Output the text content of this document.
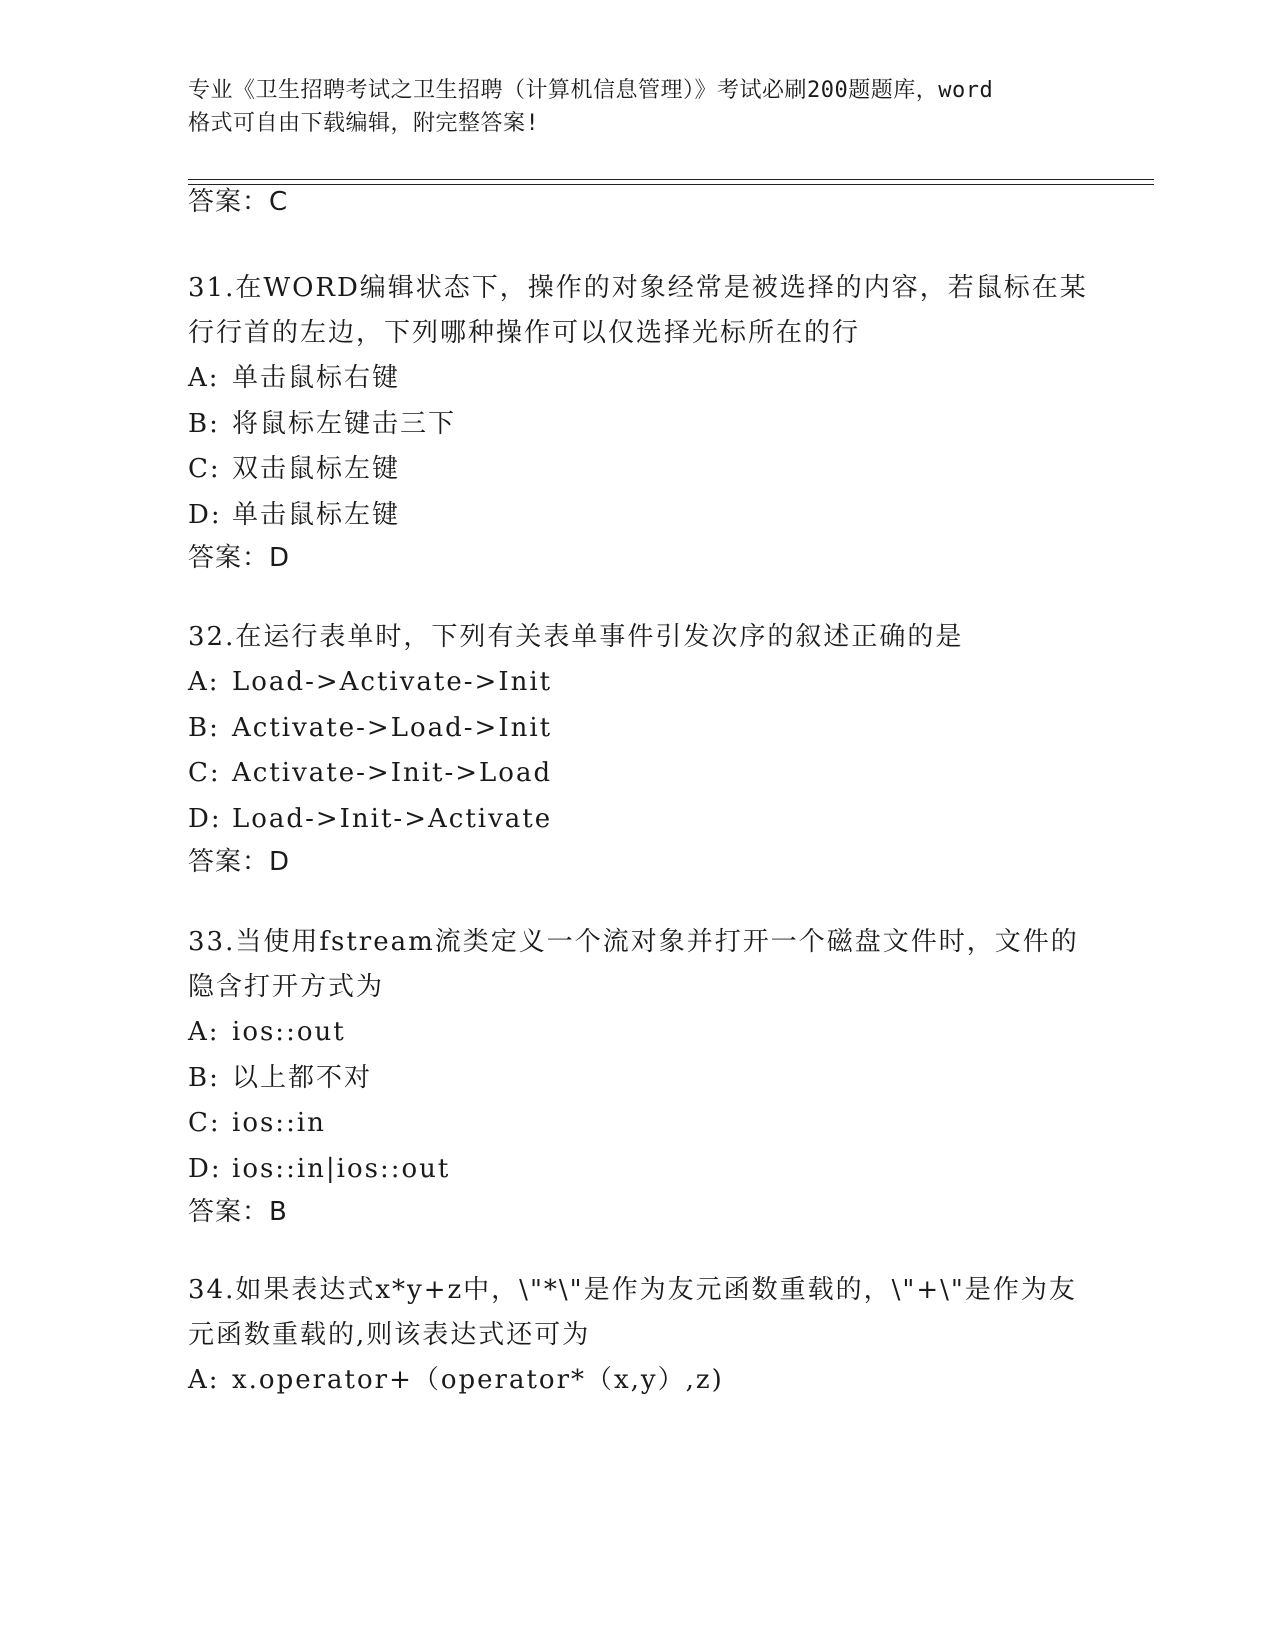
专业《卫生招聘考试之卫生招聘（计算机信息管理）》考试必刷200题题库，word
格式可自由下载编辑，附完整答案!
答案：C
31.在WORD编辑状态下，操作的对象经常是被选择的内容，若鼠标在某行行首的左边，下列哪种操作可以仅选择光标所在的行
A: 单击鼠标右键
B: 将鼠标左键击三下
C: 双击鼠标左键
D: 单击鼠标左键
答案：D
32.在运行表单时，下列有关表单事件引发次序的叙述正确的是
A: Load->Activate->Init
B: Activate->Load->Init
C: Activate->Init->Load
D: Load->Init->Activate
答案：D
33.当使用fstream流类定义一个流对象并打开一个磁盘文件时，文件的隐含打开方式为
A: ios::out
B: 以上都不对
C: ios::in
D: ios::in|ios::out
答案：B
34.如果表达式x*y+z中，\"*\"是作为友元函数重载的，\"+\"是作为友元函数重载的,则该表达式还可为
A: x.operator+（operator*（x,y）,z)
